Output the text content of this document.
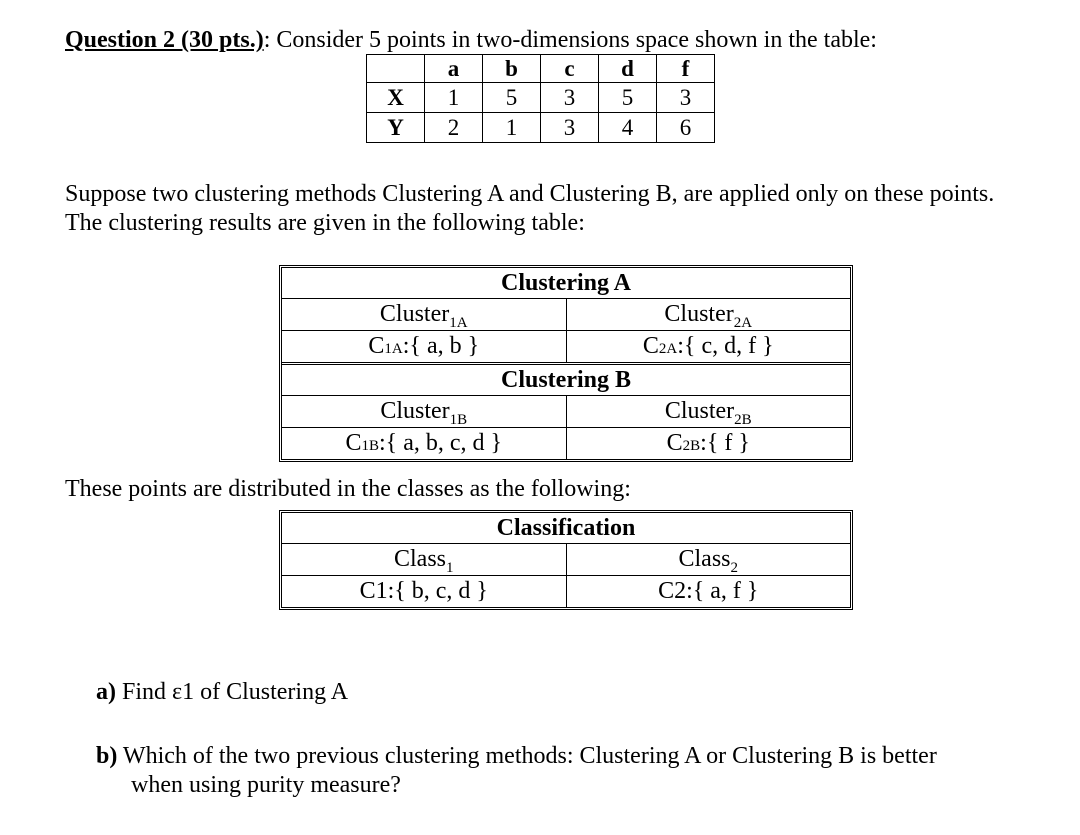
Question 2 (30 pts.): Consider 5 points in two-dimensions space shown in the table:
	a	b	c	d	f
X	1	5	3	5	3
Y	2	1	3	4	6
Suppose two clustering methods Clustering A and Clustering B, are applied only on these points. The clustering results are given in the following table:
Clustering A
Cluster$_{1A}$	Cluster$_{2A}$
C1A:{ a, b }	C2A:{ c, d, f }
Clustering B
Cluster$_{1B}$	Cluster$_{2B}$
C1B:{ a, b, c, d }	C2B:{ f }
These points are distributed in the classes as the following:
Classification
Class$_1$	Class$_2$
C1:{ b, c, d }	C2:{ a, f }
a) Find ε1 of Clustering A
b) Which of the two previous clustering methods: Clustering A or Clustering B is better
when using purity measure?
